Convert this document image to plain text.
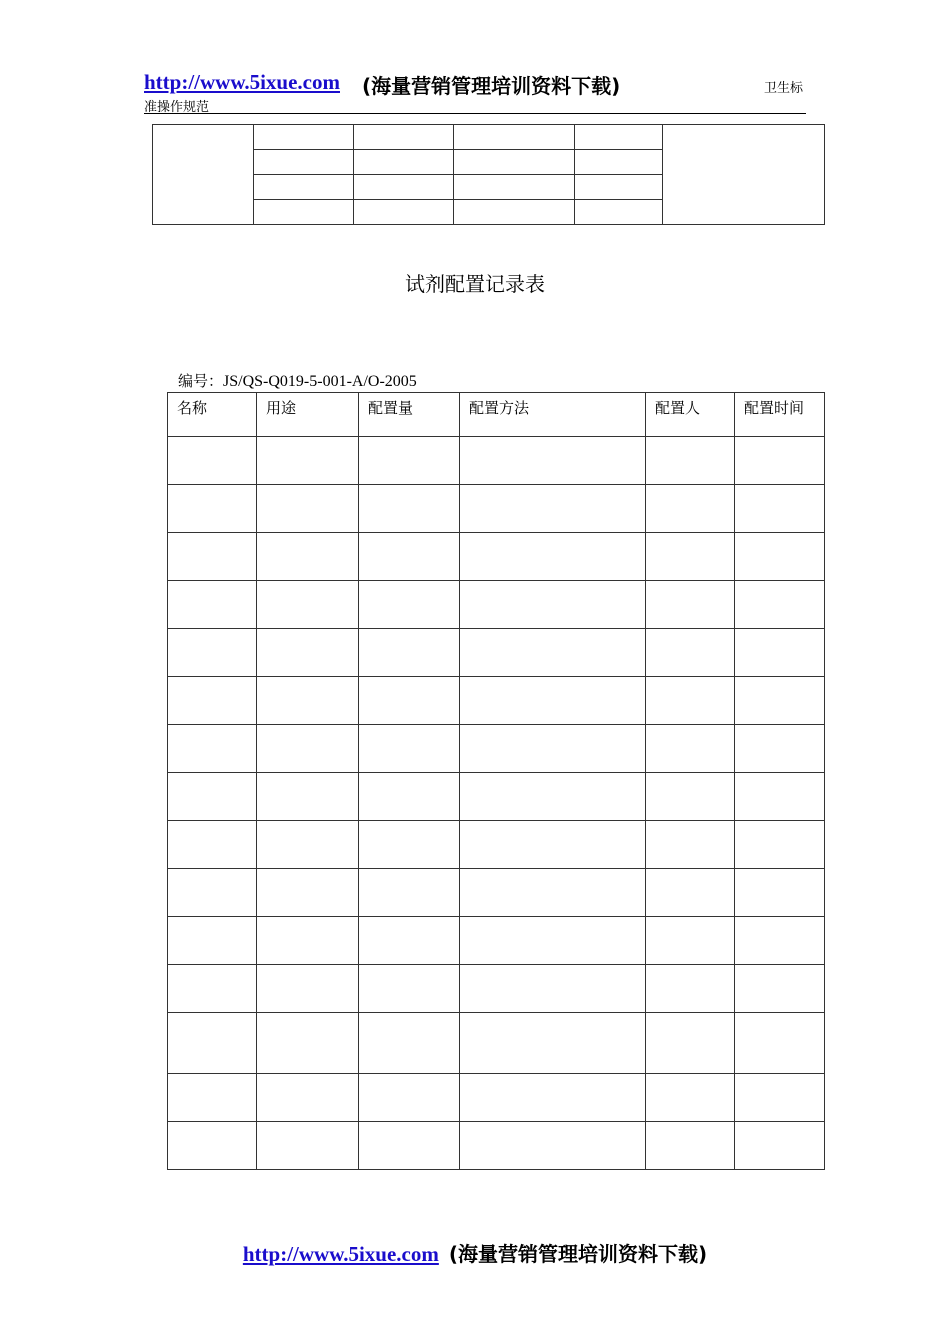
http://www.5ixue.com (海量营销管理培训资料下载)	卫生标
准操作规范

试剂配置记录表
编号：JS/QS-Q019-5-001-A/O-2005
名称	用途	配置量	配置方法	配置人	配置时间

http://www.5ixue.com (海量营销管理培训资料下载)
